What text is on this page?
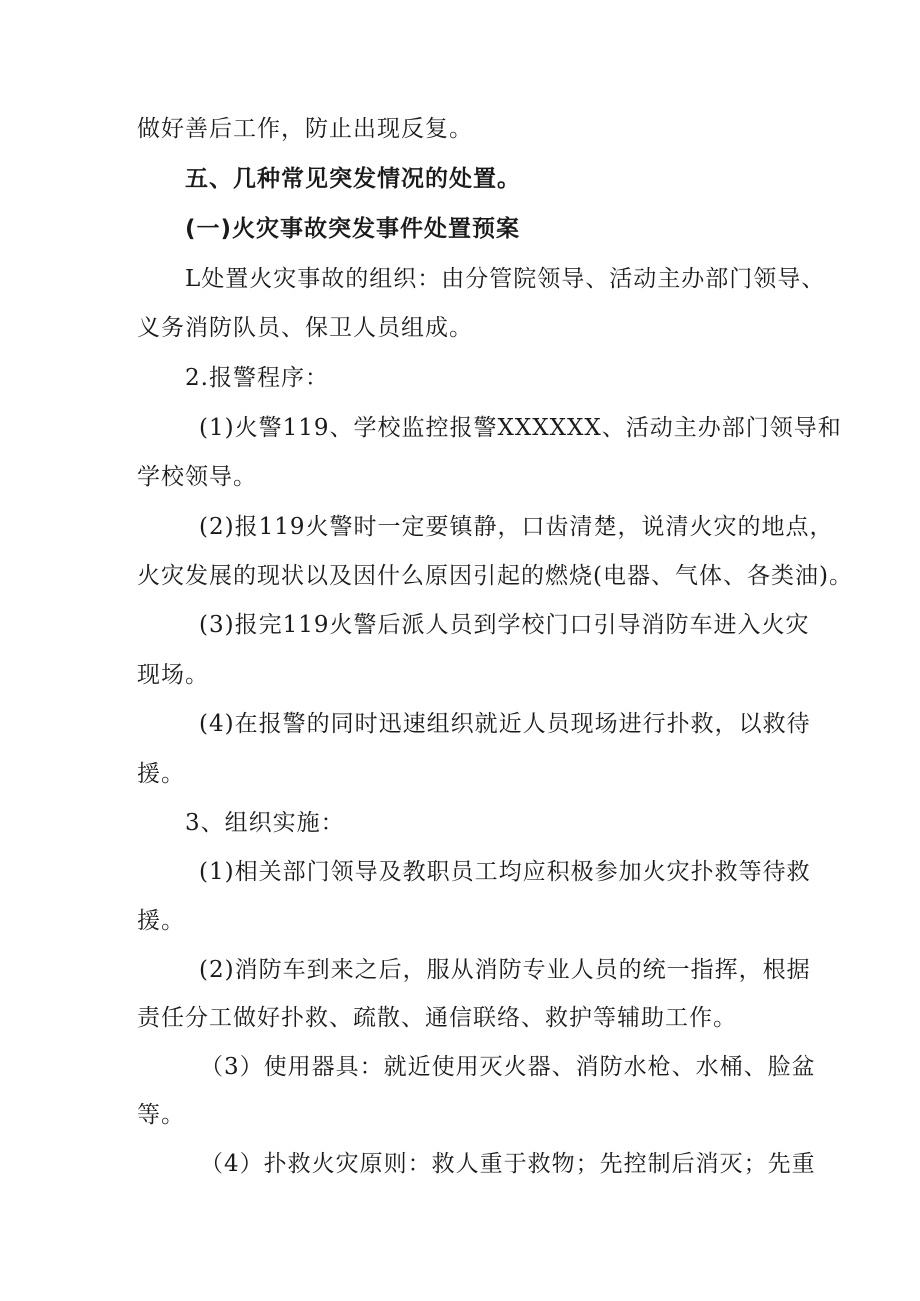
做好善后工作，防止出现反复。
五、几种常见突发情况的处置。
(一)火灾事故突发事件处置预案
L处置火灾事故的组织：由分管院领导、活动主办部门领导、
义务消防队员、保卫人员组成。
2.报警程序：
(1)火警119、学校监控报警XXXXXX、活动主办部门领导和
学校领导。
(2)报119火警时一定要镇静，口齿清楚，说清火灾的地点，
火灾发展的现状以及因什么原因引起的燃烧(电器、气体、各类油)。
(3)报完119火警后派人员到学校门口引导消防车进入火灾
现场。
(4)在报警的同时迅速组织就近人员现场进行扑救，以救待
援。
3、组织实施：
(1)相关部门领导及教职员工均应积极参加火灾扑救等待救
援。
(2)消防车到来之后，服从消防专业人员的统一指挥，根据
责任分工做好扑救、疏散、通信联络、救护等辅助工作。
（3）使用器具：就近使用灭火器、消防水枪、水桶、脸盆
等。
（4）扑救火灾原则：救人重于救物；先控制后消灭；先重
